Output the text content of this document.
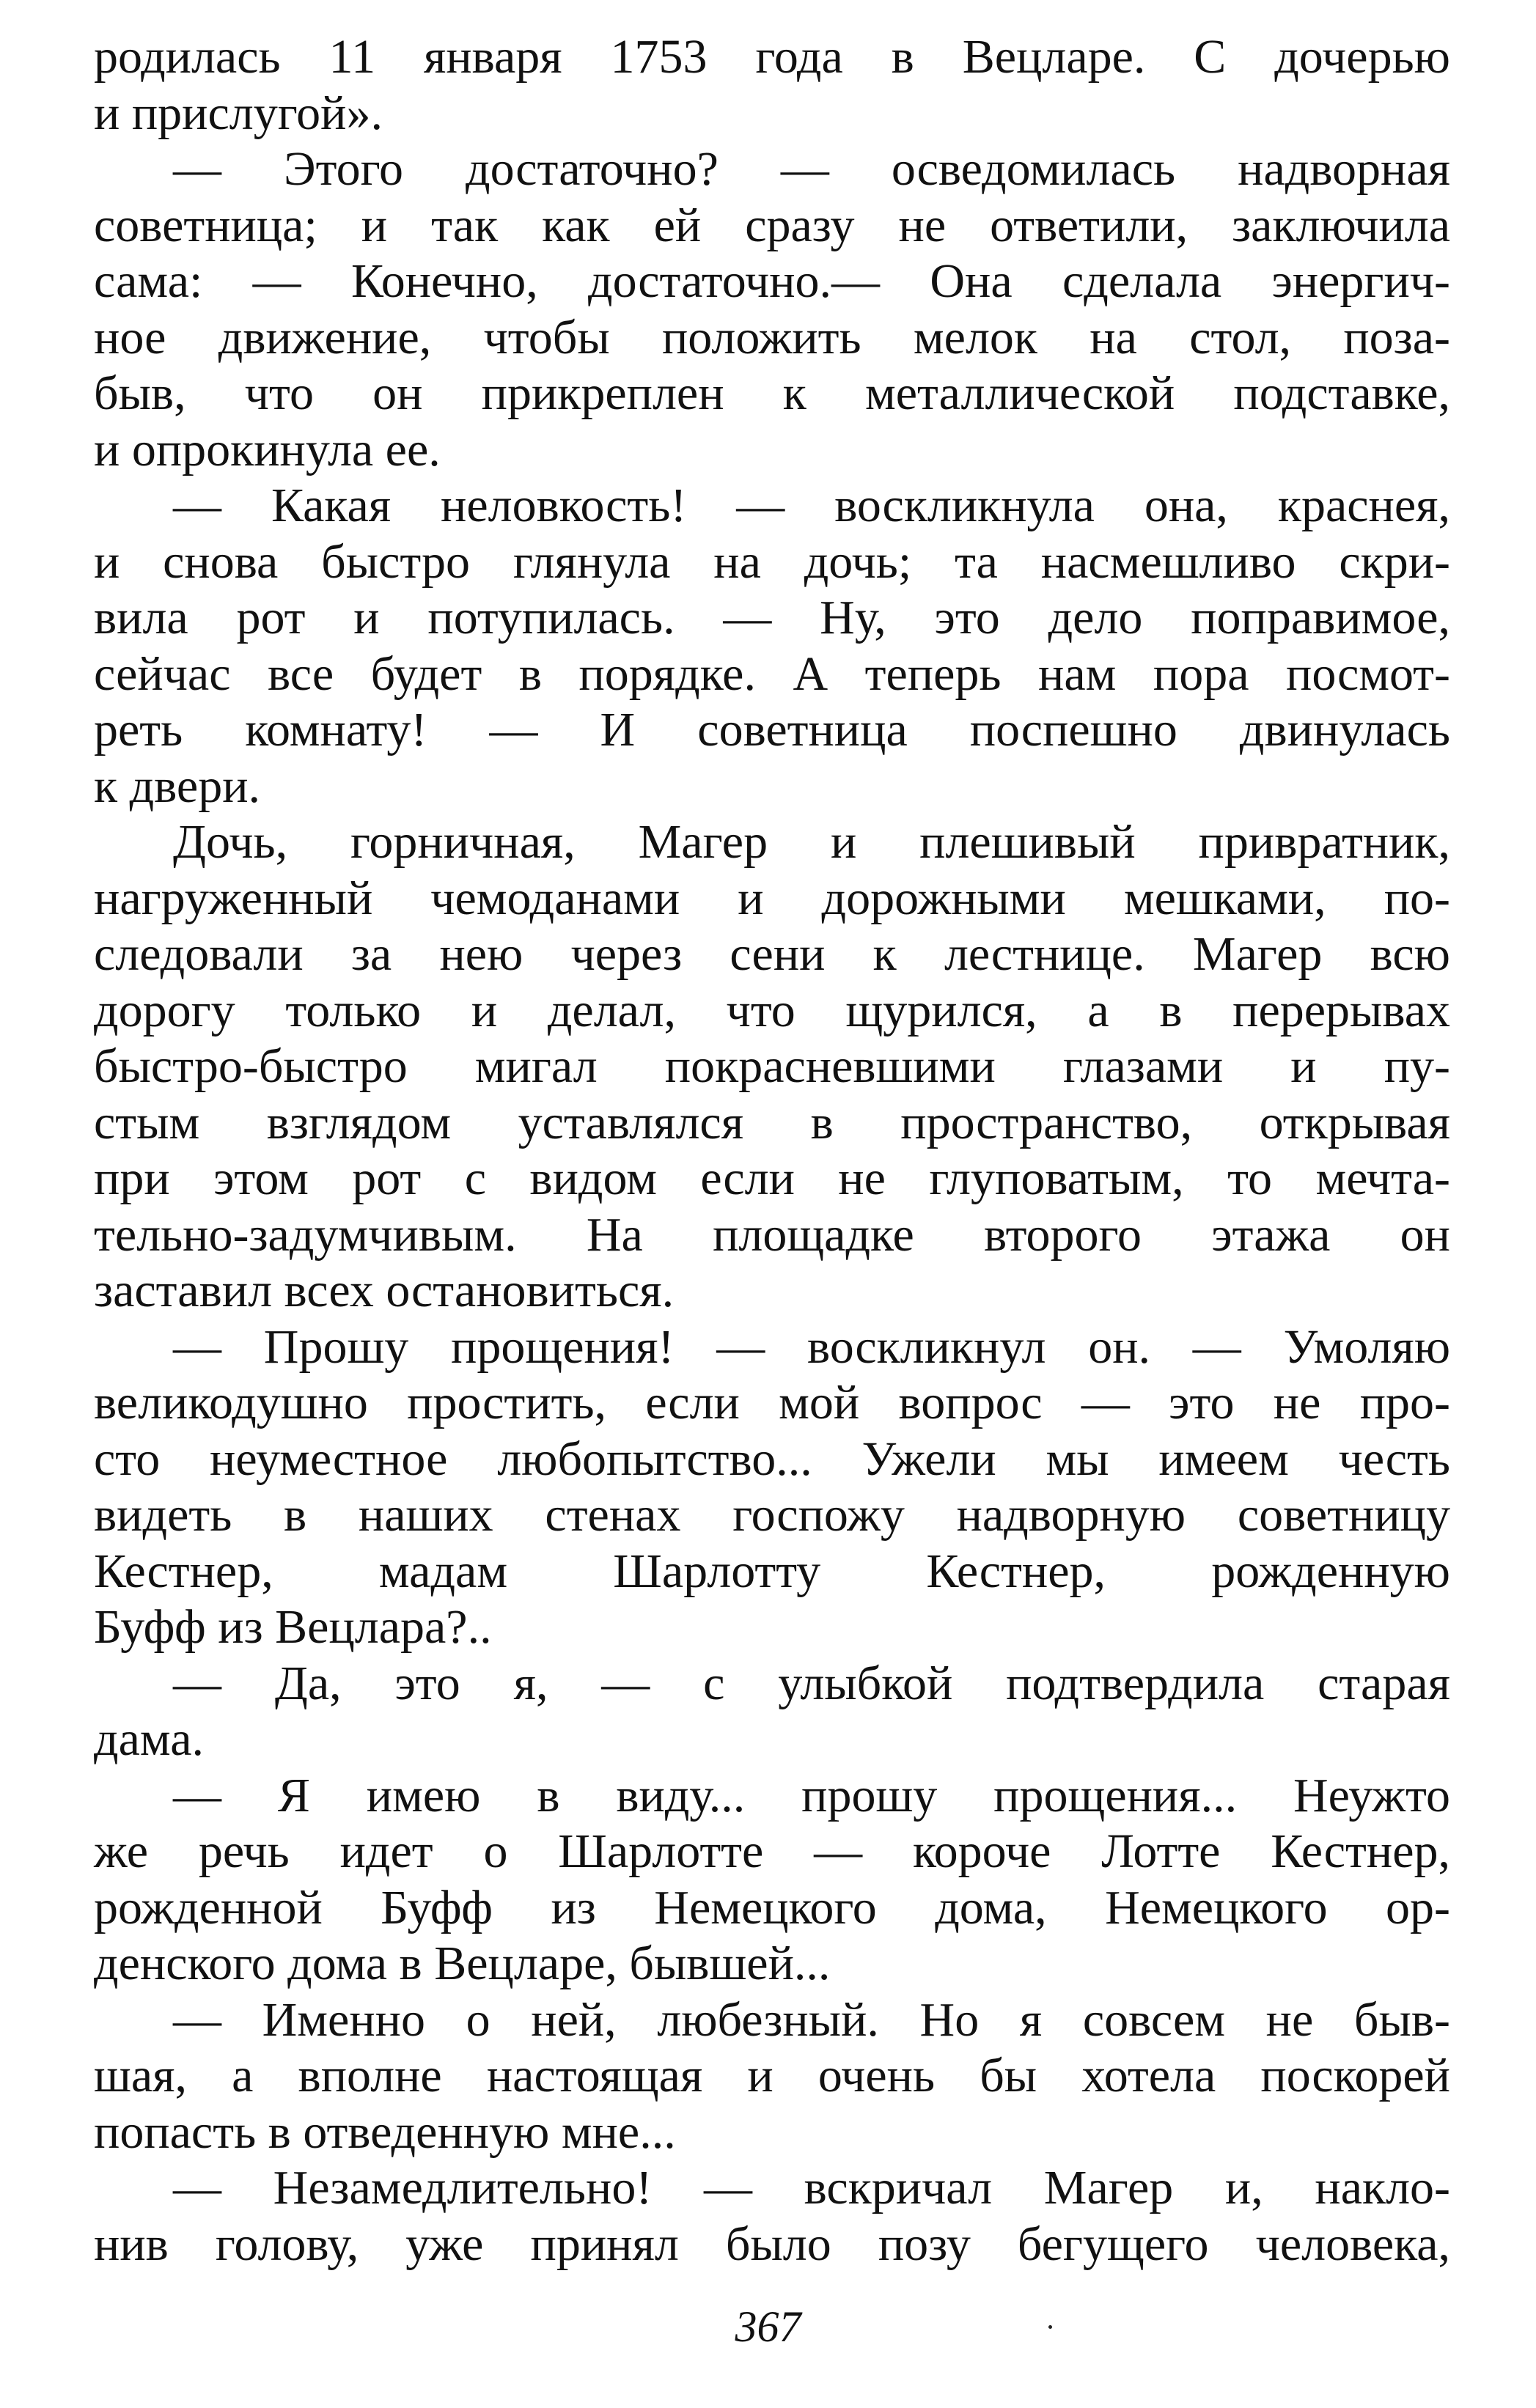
родилась 11 января 1753 года в Вецларе. С дочерью
и прислугой».
— Этого достаточно? — осведомилась надворная
советница; и так как ей сразу не ответили, заключила
сама: — Конечно, достаточно.— Она сделала энергич-
ное движение, чтобы положить мелок на стол, поза-
быв, что он прикреплен к металлической подставке,
и опрокинула ее.
— Какая неловкость! — воскликнула она, краснея,
и снова быстро глянула на дочь; та насмешливо скри-
вила рот и потупилась. — Ну, это дело поправимое,
сейчас все будет в порядке. А теперь нам пора посмот-
реть комнату! — И советница поспешно двинулась
к двери.
Дочь, горничная, Магер и плешивый привратник,
нагруженный чемоданами и дорожными мешками, по-
следовали за нею через сени к лестнице. Магер всю
дорогу только и делал, что щурился, а в перерывах
быстро-быстро мигал покрасневшими глазами и пу-
стым взглядом уставлялся в пространство, открывая
при этом рот с видом если не глуповатым, то мечта-
тельно-задумчивым. На площадке второго этажа он
заставил всех остановиться.
— Прошу прощения! — воскликнул он. — Умоляю
великодушно простить, если мой вопрос — это не про-
сто неуместное любопытство... Ужели мы имеем честь
видеть в наших стенах госпожу надворную советницу
Кестнер, мадам Шарлотту Кестнер, рожденную
Буфф из Вецлара?..
— Да, это я, — с улыбкой подтвердила старая
дама.
— Я имею в виду... прошу прощения... Неужто
же речь идет о Шарлотте — короче Лотте Кестнер,
рожденной Буфф из Немецкого дома, Немецкого ор-
денского дома в Вецларе, бывшей...
— Именно о ней, любезный. Но я совсем не быв-
шая, а вполне настоящая и очень бы хотела поскорей
попасть в отведенную мне...
— Незамедлительно! — вскричал Магер и, накло-
нив голову, уже принял было позу бегущего человека,
367
